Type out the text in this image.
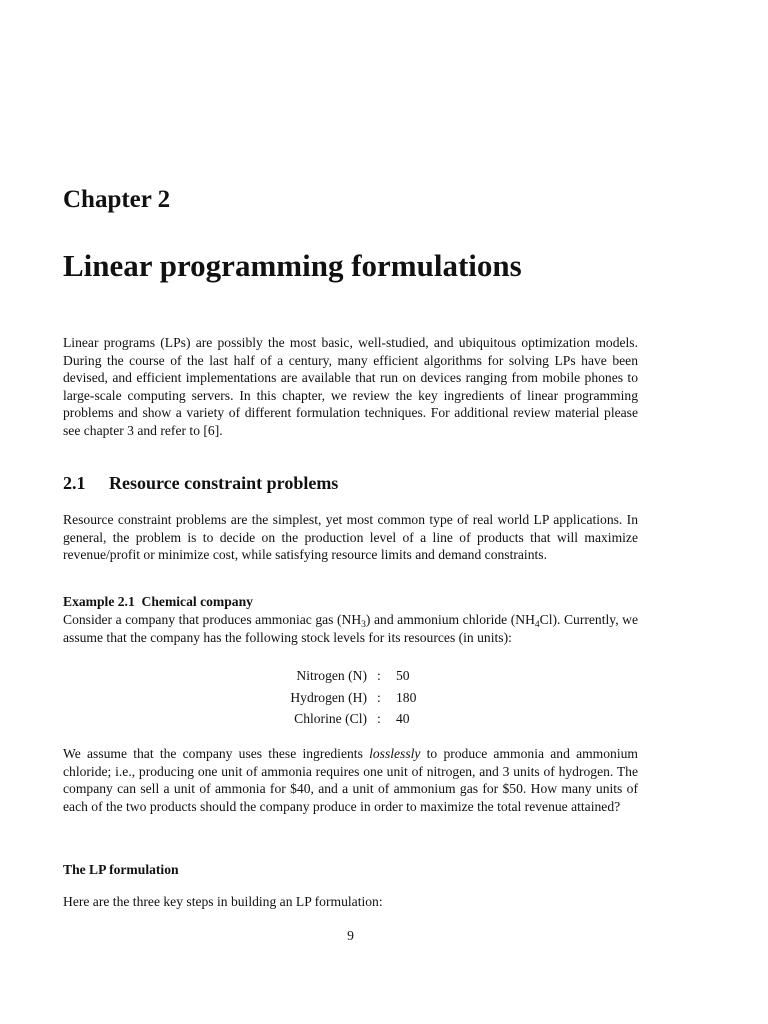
Chapter 2
Linear programming formulations

Linear programs (LPs) are possibly the most basic, well-studied, and ubiquitous optimization models. During the course of the last half of a century, many efficient algorithms for solving LPs have been devised, and efficient implementations are available that run on devices ranging from mobile phones to large-scale computing servers. In this chapter, we review the key ingredients of linear programming problems and show a variety of different formulation techniques. For additional review material please see chapter 3 and refer to [6].

2.1 Resource constraint problems

Resource constraint problems are the simplest, yet most common type of real world LP applications. In general, the problem is to decide on the production level of a line of products that will maximize revenue/profit or minimize cost, while satisfying resource limits and demand constraints.

Example 2.1 Chemical company

Consider a company that produces ammoniac gas $(NH_3)$ and ammonium chloride $(NH_4Cl)$. Currently, we assume that the company has the following stock levels for its resources (in units):

Nitrogen (N) : 50
Hydrogen (H) : 180
Chlorine (Cl) : 40

We assume that the company uses these ingredients losslessly to produce ammonia and ammonium chloride; i.e., producing one unit of ammonia requires one unit of nitrogen, and 3 units of hydrogen. The company can sell a unit of ammonia for $40, and a unit of ammonium gas for $50. How many units of each of the two products should the company produce in order to maximize the total revenue attained?

The LP formulation

Here are the three key steps in building an LP formulation:

9
